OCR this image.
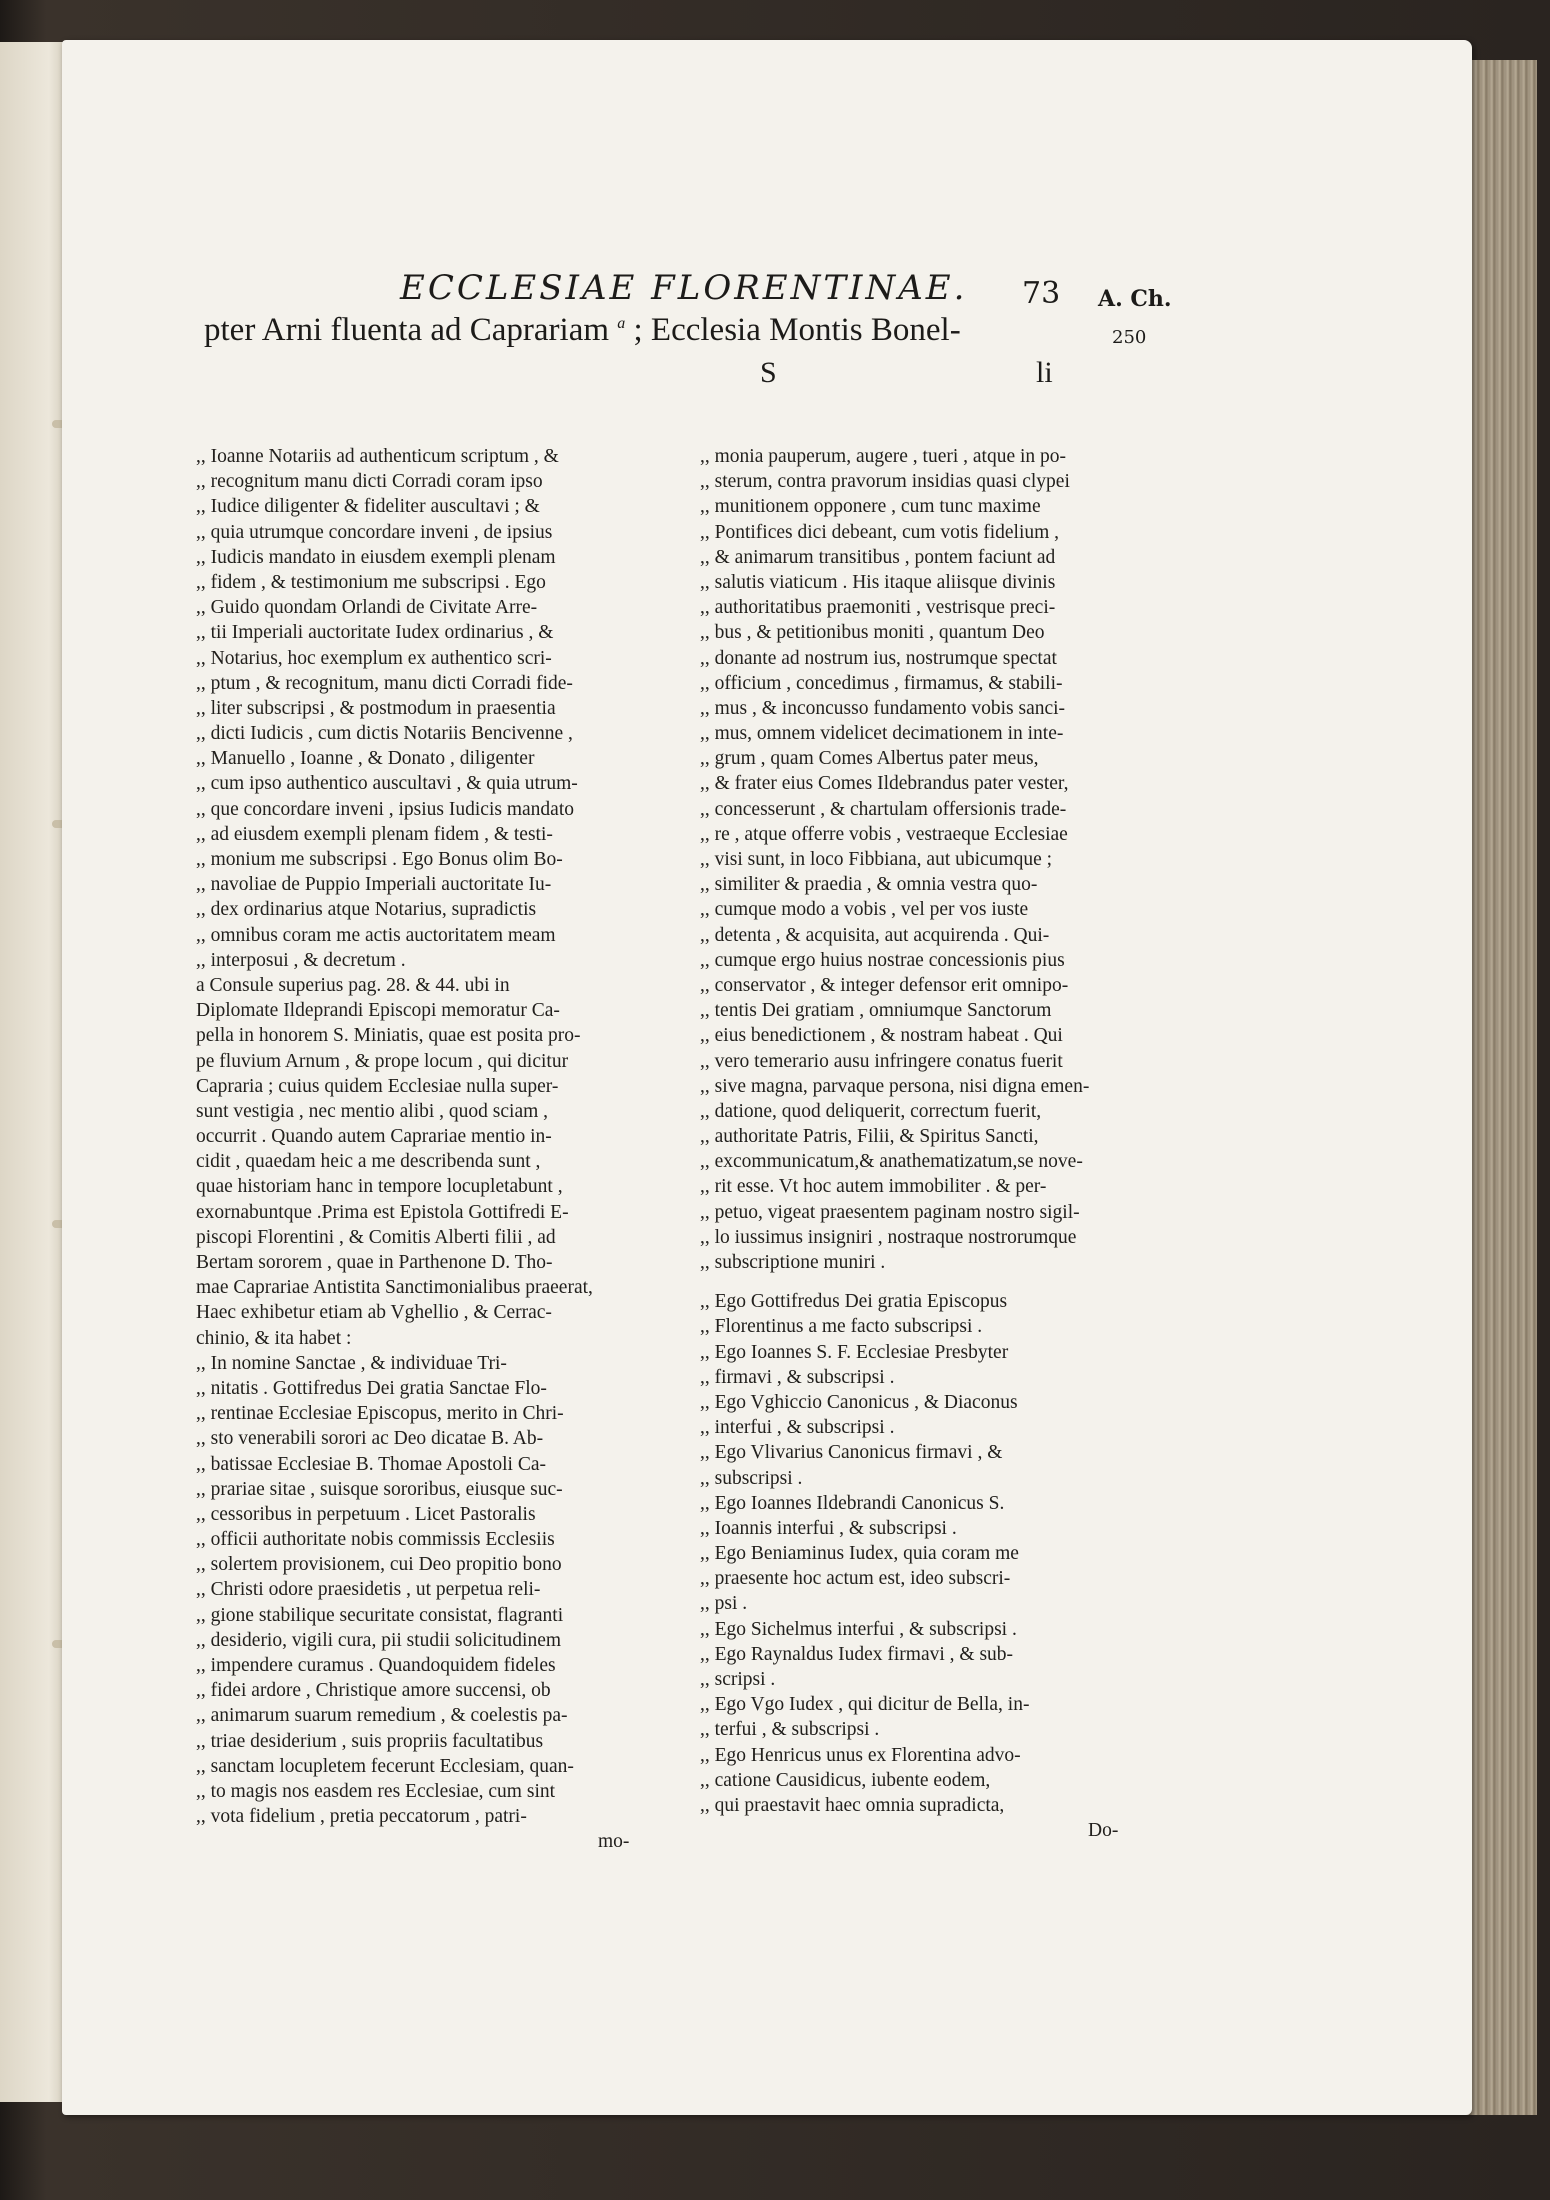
ECCLESIAE FLORENTINAE. 73 A. Ch.
250
pter Arni fluenta ad Caprariam $^a$ ; Ecclesia Montis Bonel-
S	li
,, Ioanne Notariis ad authenticum scriptum , &
,, recognitum manu dicti Corradi coram ipso
,, Iudice diligenter & fideliter auscultavi ; &
,, quia utrumque concordare inveni , de ipsius
,, Iudicis mandato in eiusdem exempli plenam
,, fidem , & testimonium me subscripsi . Ego
,, Guido quondam Orlandi de Civitate Arre-
,, tii Imperiali auctoritate Iudex ordinarius , &
,, Notarius, hoc exemplum ex authentico scri-
,, ptum , & recognitum, manu dicti Corradi fide-
,, liter subscripsi , & postmodum in praesentia
,, dicti Iudicis , cum dictis Notariis Bencivenne ,
,, Manuello , Ioanne , & Donato , diligenter
,, cum ipso authentico auscultavi , & quia utrum-
,, que concordare inveni , ipsius Iudicis mandato
,, ad eiusdem exempli plenam fidem , & testi-
,, monium me subscripsi . Ego Bonus olim Bo-
,, navoliae de Puppio Imperiali auctoritate Iu-
,, dex ordinarius atque Notarius, supradictis
,, omnibus coram me actis auctoritatem meam
,, interposui , & decretum .
a Consule superius pag. 28. & 44. ubi in
Diplomate Ildeprandi Episcopi memoratur Ca-
pella in honorem S. Miniatis, quae est posita pro-
pe fluvium Arnum , & prope locum , qui dicitur
Capraria ; cuius quidem Ecclesiae nulla super-
sunt vestigia , nec mentio alibi , quod sciam ,
occurrit . Quando autem Caprariae mentio in-
cidit , quaedam heic a me describenda sunt ,
quae historiam hanc in tempore locupletabunt ,
exornabuntque .Prima est Epistola Gottifredi E-
piscopi Florentini , & Comitis Alberti filii , ad
Bertam sororem , quae in Parthenone D. Tho-
mae Caprariae Antistita Sanctimonialibus praeerat,
Haec exhibetur etiam ab Vghellio , & Cerrac-
chinio, & ita habet :
,, In nomine Sanctae , & individuae Tri-
,, nitatis . Gottifredus Dei gratia Sanctae Flo-
,, rentinae Ecclesiae Episcopus, merito in Chri-
,, sto venerabili sorori ac Deo dicatae B. Ab-
,, batissae Ecclesiae B. Thomae Apostoli Ca-
,, prariae sitae , suisque sororibus, eiusque suc-
,, cessoribus in perpetuum . Licet Pastoralis
,, officii authoritate nobis commissis Ecclesiis
,, solertem provisionem, cui Deo propitio bono
,, Christi odore praesidetis , ut perpetua reli-
,, gione stabilique securitate consistat, flagranti
,, desiderio, vigili cura, pii studii solicitudinem
,, impendere curamus . Quandoquidem fideles
,, fidei ardore , Christique amore succensi, ob
,, animarum suarum remedium , & coelestis pa-
,, triae desiderium , suis propriis facultatibus
,, sanctam locupletem fecerunt Ecclesiam, quan-
,, to magis nos easdem res Ecclesiae, cum sint
,, vota fidelium , pretia peccatorum , patri-
,, monia pauperum, augere , tueri , atque in po-
,, sterum, contra pravorum insidias quasi clypei
,, munitionem opponere , cum tunc maxime
,, Pontifices dici debeant, cum votis fidelium ,
,, & animarum transitibus , pontem faciunt ad
,, salutis viaticum . His itaque aliisque divinis
,, authoritatibus praemoniti , vestrisque preci-
,, bus , & petitionibus moniti , quantum Deo
,, donante ad nostrum ius, nostrumque spectat
,, officium , concedimus , firmamus, & stabili-
,, mus , & inconcusso fundamento vobis sanci-
,, mus, omnem videlicet decimationem in inte-
,, grum , quam Comes Albertus pater meus,
,, & frater eius Comes Ildebrandus pater vester,
,, concesserunt , & chartulam offersionis trade-
,, re , atque offerre vobis , vestraeque Ecclesiae
,, visi sunt, in loco Fibbiana, aut ubicumque ;
,, similiter & praedia , & omnia vestra quo-
,, cumque modo a vobis , vel per vos iuste
,, detenta , & acquisita, aut acquirenda . Qui-
,, cumque ergo huius nostrae concessionis pius
,, conservator , & integer defensor erit omnipo-
,, tentis Dei gratiam , omniumque Sanctorum
,, eius benedictionem , & nostram habeat . Qui
,, vero temerario ausu infringere conatus fuerit
,, sive magna, parvaque persona, nisi digna emen-
,, datione, quod deliquerit, correctum fuerit,
,, authoritate Patris, Filii, & Spiritus Sancti,
,, excommunicatum,& anathematizatum,se nove-
,, rit esse. Vt hoc autem immobiliter . & per-
,, petuo, vigeat praesentem paginam nostro sigil-
,, lo iussimus insigniri , nostraque nostrorumque
,, subscriptione muniri .
,, Ego Gottifredus Dei gratia Episcopus
,, Florentinus a me facto subscripsi .
,, Ego Ioannes S. F. Ecclesiae Presbyter
,, firmavi , & subscripsi .
,, Ego Vghiccio Canonicus , & Diaconus
,, interfui , & subscripsi .
,, Ego Vlivarius Canonicus firmavi , &
,, subscripsi .
,, Ego Ioannes Ildebrandi Canonicus S.
,, Ioannis interfui , & subscripsi .
,, Ego Beniaminus Iudex, quia coram me
,, praesente hoc actum est, ideo subscri-
,, psi .
,, Ego Sichelmus interfui , & subscripsi .
,, Ego Raynaldus Iudex firmavi , & sub-
,, scripsi .
,, Ego Vgo Iudex , qui dicitur de Bella, in-
,, terfui , & subscripsi .
,, Ego Henricus unus ex Florentina advo-
,, catione Causidicus, iubente eodem,
,, qui praestavit haec omnia supradicta,
mo-
Do-
